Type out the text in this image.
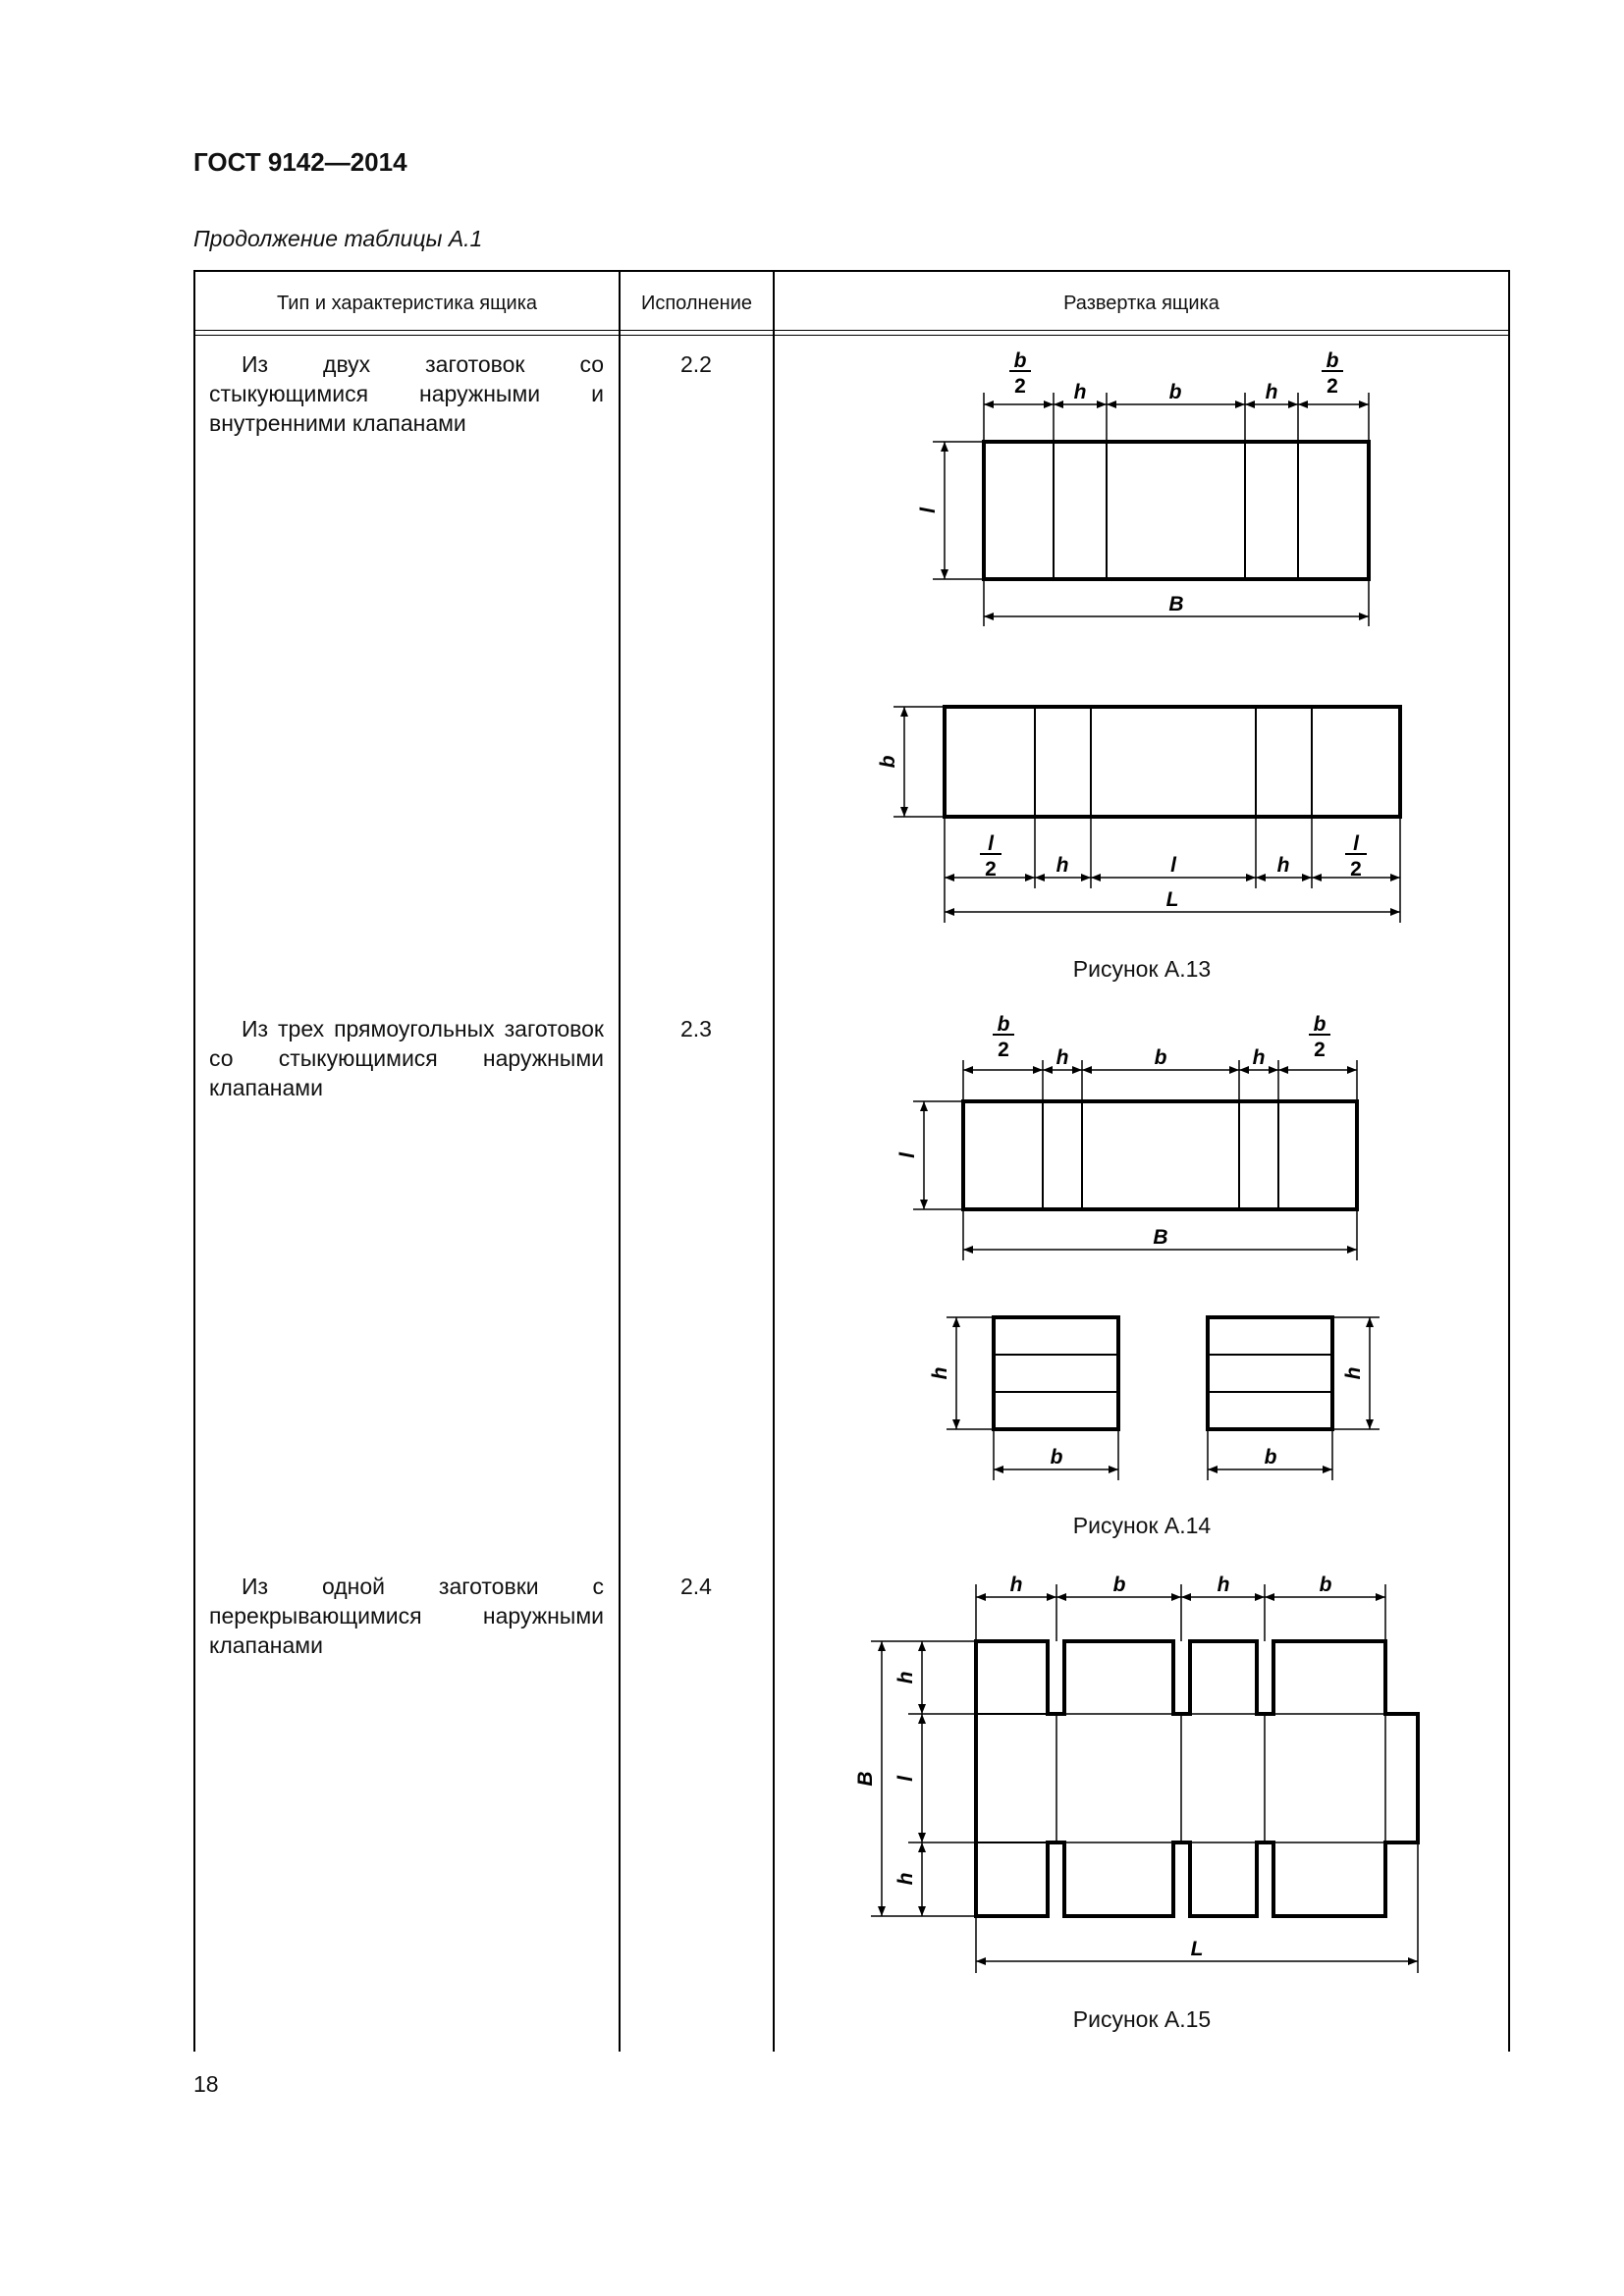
ГОСТ 9142—2014
Продолжение таблицы А.1
Тип и характеристика ящика	Исполнение	Развертка ящика
Из двух заготовок со стыкующимися наружными и внутренними клапанами
2.2
Рисунок А.13
Из трех прямоугольных заготовок со стыкующимися наружными клапанами
2.3
Рисунок А.14
Из одной заготовки с перекрывающимися наружными клапанами
2.4
Рисунок А.15
18
b
2 h	b	h
b
2
B
l
l
2	h	l	h
l
2
L
b
b
2 h	b	h
b
2
B
l
h	h
b	b
h	b	h	b
L
B
h
l
h
